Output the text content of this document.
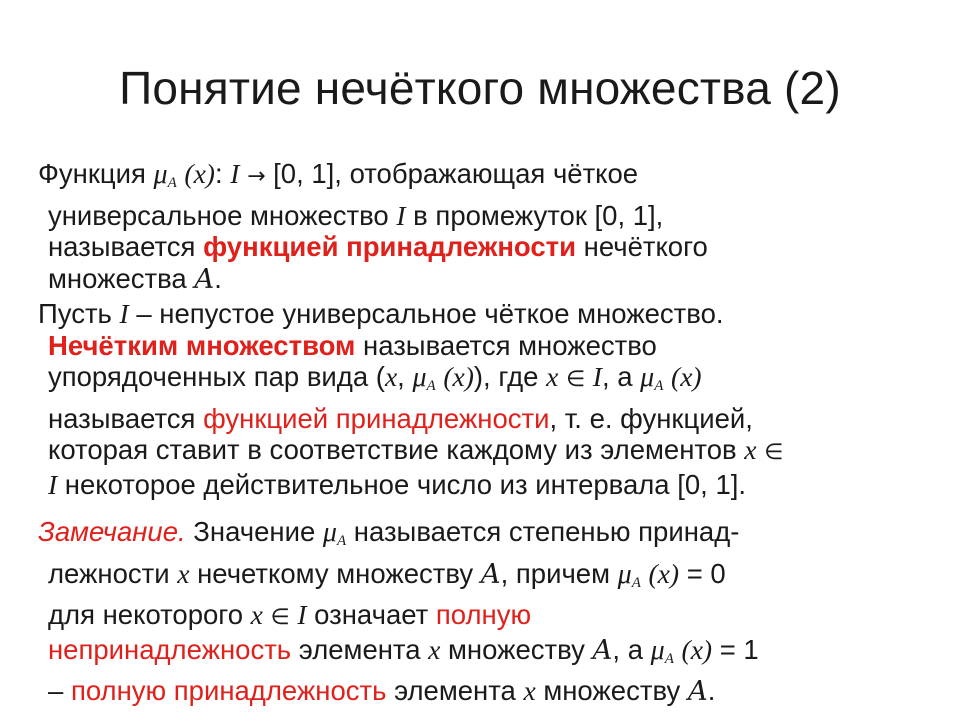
Понятие нечёткого множества (2)
Функция $\mu_A$ (x): I → [0, 1], отображающая чёткое
универсальное множество I в промежуток [0, 1],
называется функцией принадлежности нечёткого
множества A.
Пусть I – непустое универсальное чёткое множество.
Нечётким множеством называется множество
упорядоченных пар вида (x, $\mu_A$ (x)), где x ∈ I, а $\mu_A$ (x)
называется функцией принадлежности, т. е. функцией,
которая ставит в соответствие каждому из элементов x ∈
I некоторое действительное число из интервала [0, 1].
Замечание. Значение $\mu_A$ называется степенью принад-
лежности x нечеткому множеству A, причем $\mu_A$ (x) = 0
для некоторого x ∈ I означает полную
непринадлежность элемента x множеству A, а $\mu_A$ (x) = 1
– полную принадлежность элемента x множеству A.
